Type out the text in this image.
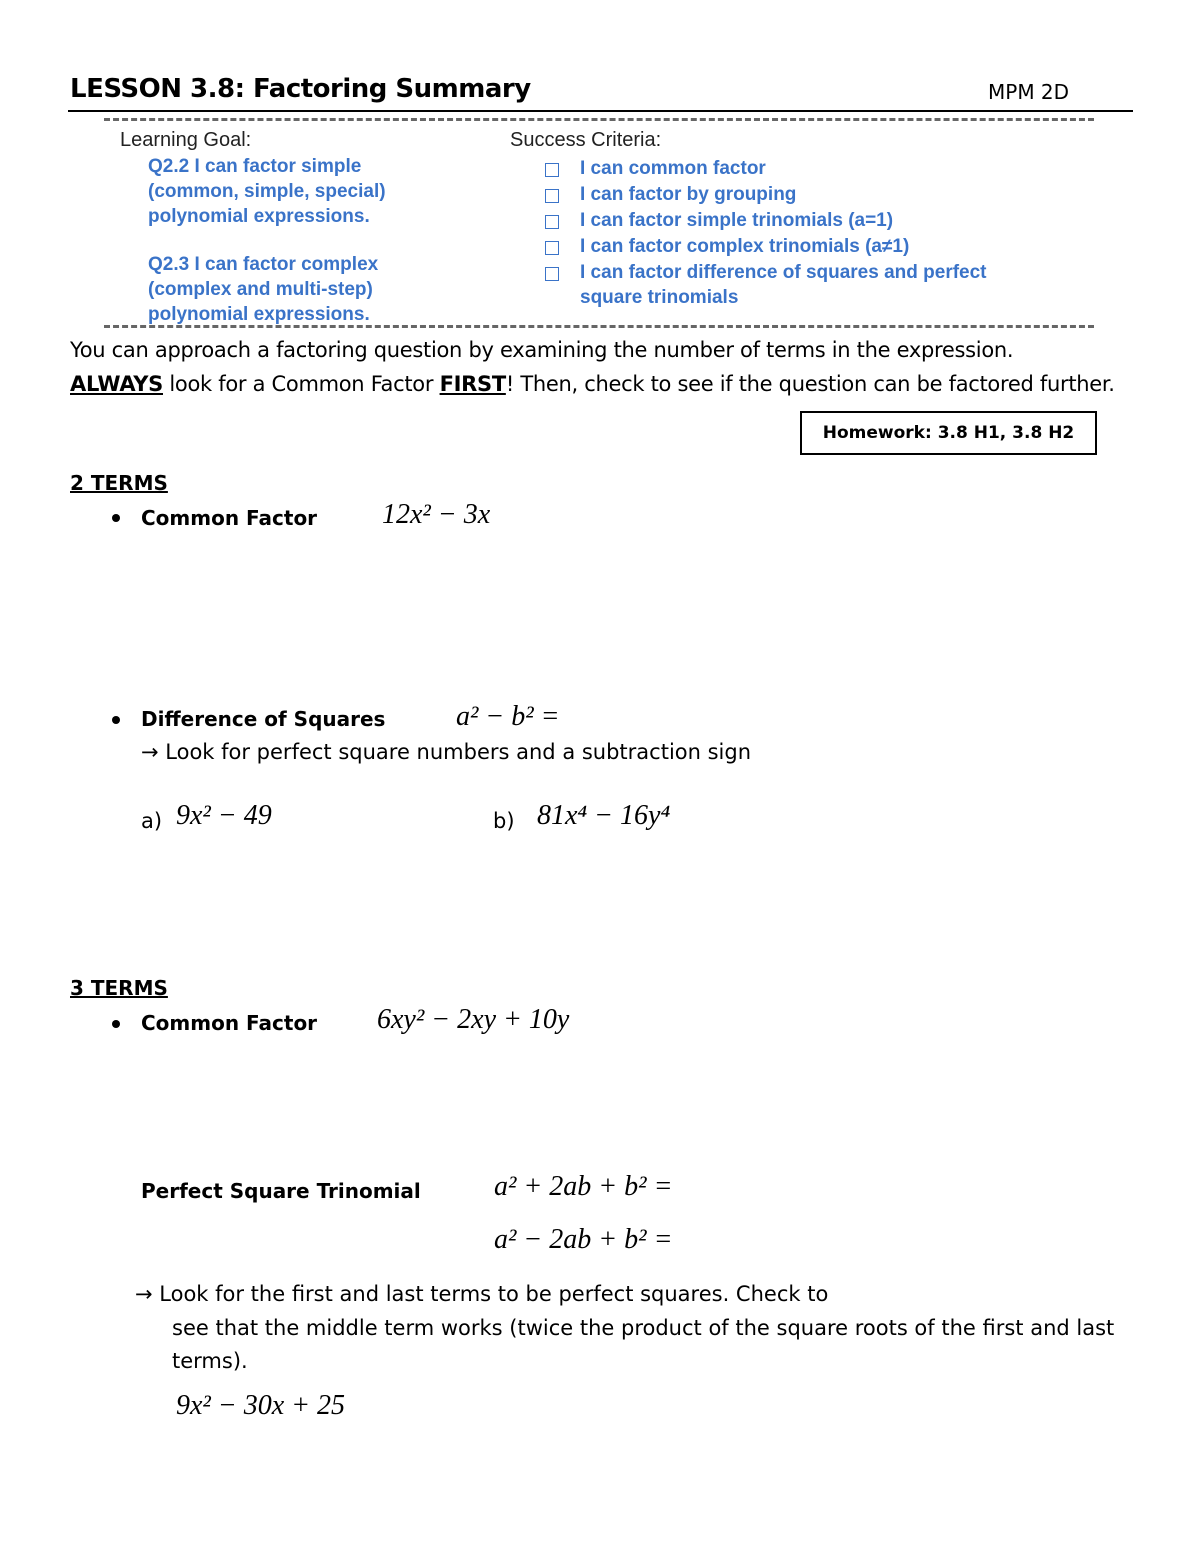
LESSON 3.8: Factoring Summary	MPM 2D
Learning Goal:
Q2.2 I can factor simple
(common, simple, special)
polynomial expressions.
Q2.3 I can factor complex
(complex and multi-step)
polynomial expressions.
Success Criteria:
I can common factor
I can factor by grouping
I can factor simple trinomials (a=1)
I can factor complex trinomials (a≠1)
I can factor difference of squares and perfect square trinomials
You can approach a factoring question by examining the number of terms in the expression.
ALWAYS look for a Common Factor FIRST! Then, check to see if the question can be factored further.
Homework: 3.8 H1, 3.8 H2
2 TERMS
Common Factor 12x² − 3x
Difference of Squares	a² − b² =
→ Look for perfect square numbers and a subtraction sign
a) 9x² − 49	b) 81x⁴ − 16y⁴
3 TERMS
Common Factor 6xy² − 2xy + 10y
Perfect Square Trinomial	a² + 2ab + b² =
a² − 2ab + b² =
→ Look for the first and last terms to be perfect squares. Check to
see that the middle term works (twice the product of the square roots of the first and last terms).
9x² − 30x + 25
